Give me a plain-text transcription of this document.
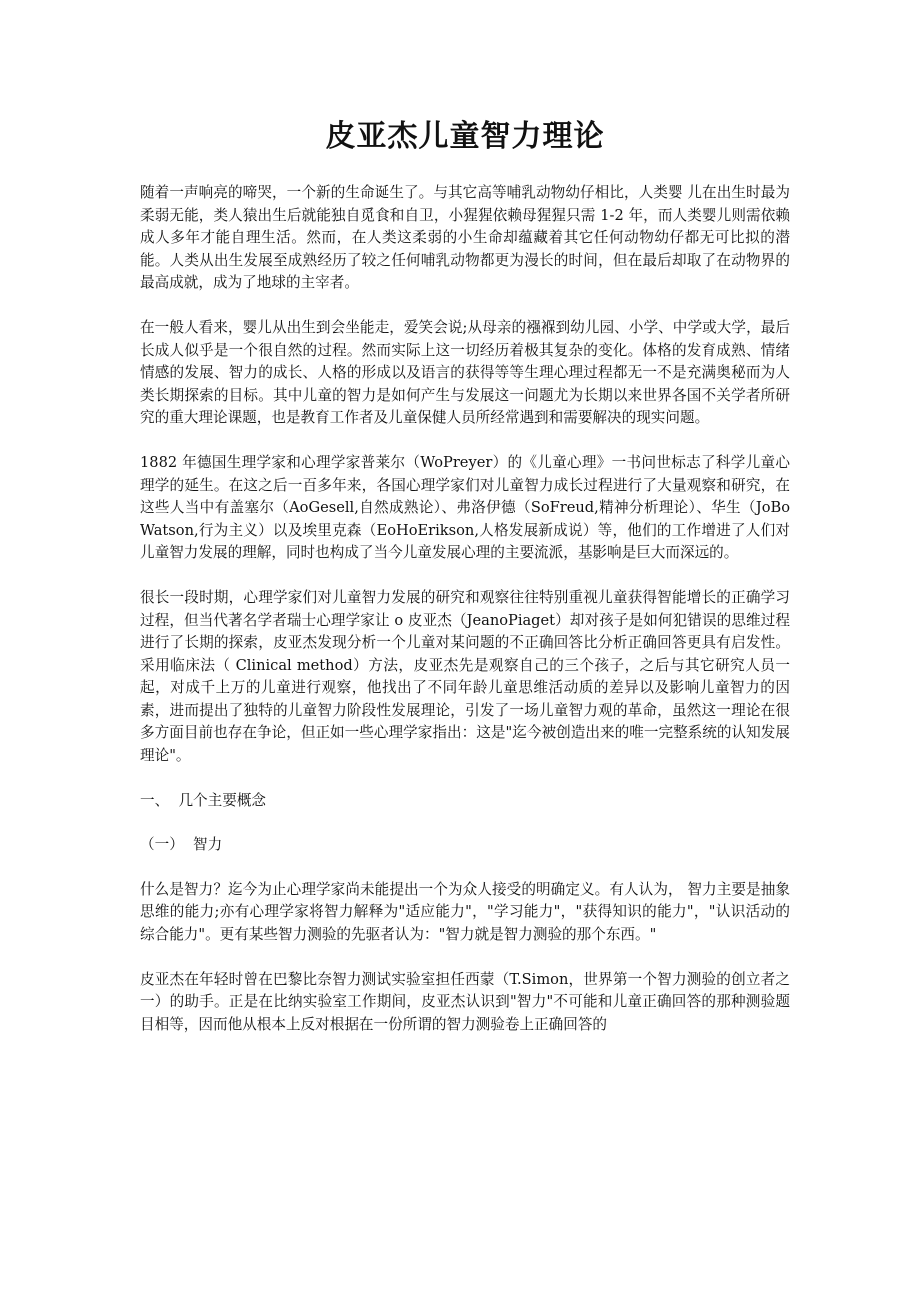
皮亚杰儿童智力理论

随着一声响亮的啼哭，一个新的生命诞生了。与其它高等哺乳动物幼仔相比，人类婴 儿在出生时最为柔弱无能，类人猿出生后就能独自觅食和自卫，小猩猩依赖母猩猩只需 1-2 年，而人类婴儿则需依赖成人多年才能自理生活。然而，在人类这柔弱的小生命却蕴藏着其它任何动物幼仔都无可比拟的潜能。人类从出生发展至成熟经历了较之任何哺乳动物都更为漫长的时间，但在最后却取了在动物界的最高成就，成为了地球的主宰者。

在一般人看来，婴儿从出生到会坐能走，爱笑会说;从母亲的襁褓到幼儿园、小学、中学或大学，最后长成人似乎是一个很自然的过程。然而实际上这一切经历着极其复杂的变化。体格的发育成熟、情绪情感的发展、智力的成长、人格的形成以及语言的获得等等生理心理过程都无一不是充满奥秘而为人类长期探索的目标。其中儿童的智力是如何产生与发展这一问题尤为长期以来世界各国不关学者所研究的重大理论课题，也是教育工作者及儿童保健人员所经常遇到和需要解决的现实问题。

1882 年德国生理学家和心理学家普莱尔（WoPreyer）的《儿童心理》一书问世标志了科学儿童心理学的延生。在这之后一百多年来，各国心理学家们对儿童智力成长过程进行了大量观察和研究，在这些人当中有盖塞尔（AoGesell,自然成熟论）、弗洛伊德（SoFreud,精神分析理论）、华生（JoBoWatson,行为主义）以及埃里克森（EoHoErikson,人格发展新成说）等，他们的工作增进了人们对儿童智力发展的理解，同时也构成了当今儿童发展心理的主要流派，基影响是巨大而深远的。

很长一段时期，心理学家们对儿童智力发展的研究和观察往往特别重视儿童获得智能增长的正确学习过程，但当代著名学者瑞士心理学家让 o 皮亚杰（JeanoPiaget）却对孩子是如何犯错误的思维过程进行了长期的探索，皮亚杰发现分析一个儿童对某问题的不正确回答比分析正确回答更具有启发性。采用临床法（ Clinical method）方法，皮亚杰先是观察自己的三个孩子，之后与其它研究人员一起，对成千上万的儿童进行观察，他找出了不同年龄儿童思维活动质的差异以及影响儿童智力的因素，进而提出了独特的儿童智力阶段性发展理论，引发了一场儿童智力观的革命，虽然这一理论在很多方面目前也存在争论，但正如一些心理学家指出：这是"迄今被创造出来的唯一完整系统的认知发展理论"。

一、  几个主要概念
（一）  智力

什么是智力？迄今为止心理学家尚未能提出一个为众人接受的明确定义。有人认为， 智力主要是抽象思维的能力;亦有心理学家将智力解释为"适应能力"，"学习能力"，"获得知识的能力"，"认识活动的综合能力"。更有某些智力测验的先驱者认为："智力就是智力测验的那个东西。"

皮亚杰在年轻时曾在巴黎比奈智力测试实验室担任西蒙（T.Simon，世界第一个智力测验的创立者之一）的助手。正是在比纳实验室工作期间，皮亚杰认识到"智力"不可能和儿童正确回答的那种测验题目相等，因而他从根本上反对根据在一份所谓的智力测验卷上正确回答的
